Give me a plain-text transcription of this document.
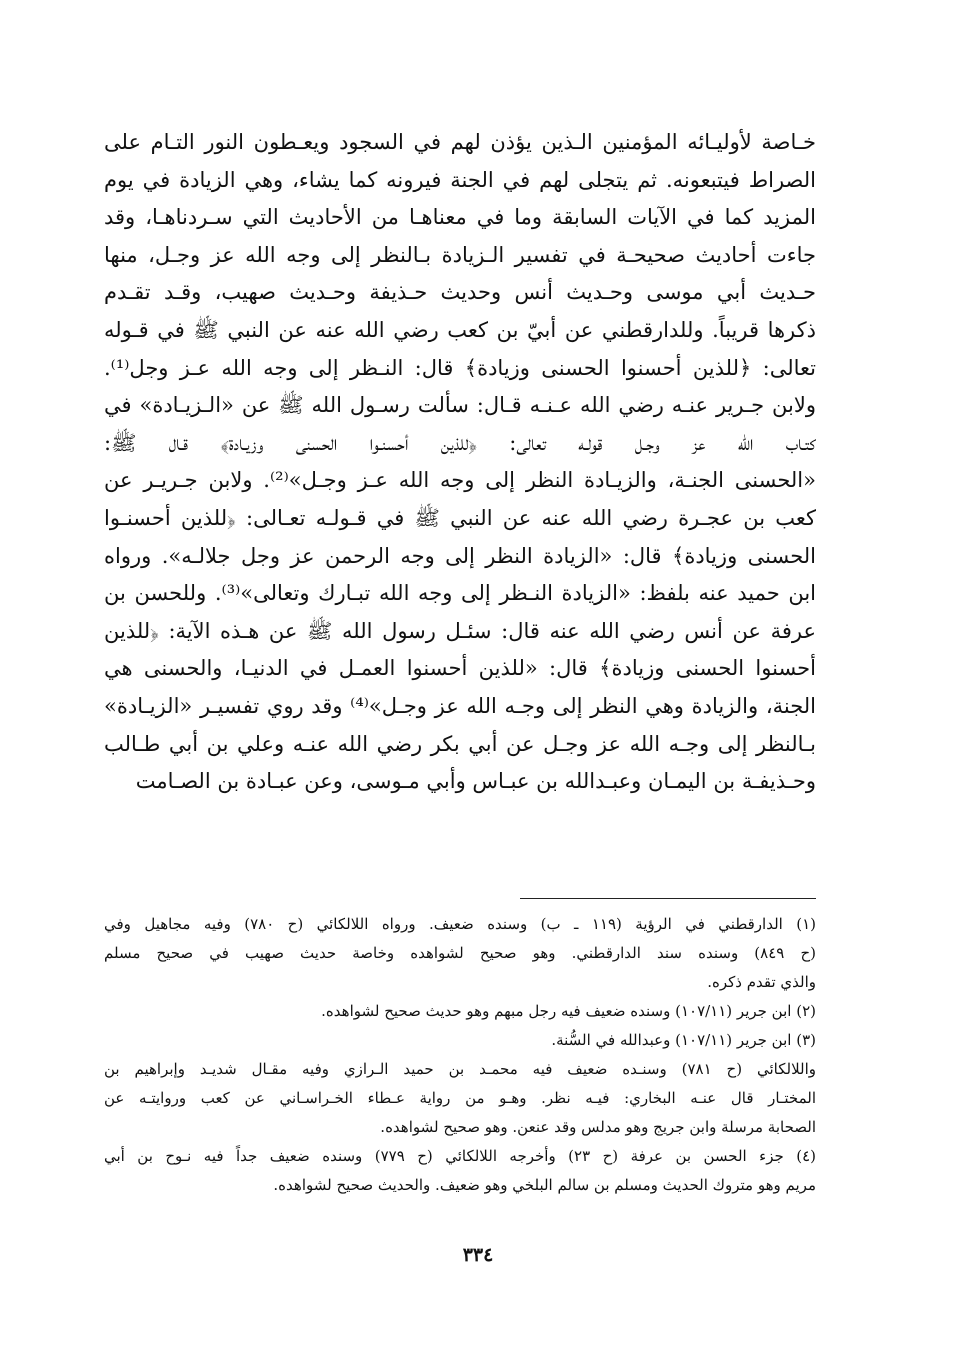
خـاصة لأوليـائه المؤمنين الـذين يؤذن لهم في السجود ويعـطون النور التـام على
الصراط فيتبعونه. ثم يتجلى لهم في الجنة فيرونه كما يشاء، وهي الزيادة في يوم
المزيد كما في الآيات السابقة وما في معناهـا من الأحاديث التي سـردناهـا، وقد
جاءت أحاديث صحيحـة في تفسير الـزيادة بـالنظر إلى وجه الله عز وجـل، منها
حـديث أبي موسى وحـديث أنس وحديث حـذيفة وحـديث صهيب، وقـد تقـدم
ذكرها قريباً. وللدارقطني عن أبيّ بن كعب رضي الله عنه عن النبي ﷺ في قـوله
تعالى: ﴿للذين أحسنوا الحسنى وزيادة﴾ قال: النـظر إلى وجه الله عـز وجل⁽¹⁾.
ولابن جـرير عنـه رضي الله عـنـه قـال: سألت رسـول الله ﷺ عن «الـزيـادة» في
كتـاب الله عز وجـل قولـه تعالى: ﴿للذين أحسنـوا الحسنى وزيـادة﴾ قـال ﷺ:
«الحسنى الجنـة، والزيـادة النظر إلى وجه الله عـز وجـل»⁽²⁾. ولابن جـريـر عن
كعب بن عجـرة رضي الله عنه عن النبي ﷺ في قـولـه تعـالى: ﴿للذين أحسنـوا
الحسنى وزيادة﴾ قال: «الزيادة النظر إلى وجه الرحمن عز وجل جلالـه». ورواه
ابن حميد عنه بلفظ: «الزيادة النـظر إلى وجه الله تبـارك وتعالى»⁽³⁾. وللحسن بن
عرفة عن أنس رضي الله عنه قال: سئـل رسول الله ﷺ عن هـذه الآية: ﴿للذين
أحسنوا الحسنى وزيادة﴾ قال: «للذين أحسنوا العمـل في الدنيـا، والحسنى هي
الجنة، والزيادة وهي النظر إلى وجـه الله عز وجـل»⁽⁴⁾ وقد روي تفسيـر «الزيـادة»
بـالنظر إلى وجـه الله عز وجـل عن أبي بكر رضي الله عنـه وعلي بن أبي طـالب
وحـذيفـة بن اليمـان وعبـدالله بن عبـاس وأبي مـوسى، وعن عبـادة بن الصـامت
(١) الدارقطني في الرؤية (١١٩ ـ ب) وسنده ضعيف. ورواه اللالكائي (ح ٧٨٠) وفيه مجاهيل وفي
(ح ٨٤٩) وسنده سند الدارقطني. وهو صحيح لشواهده وخاصة حديث صهيب في صحيح مسلم
والذي تقدم ذكره.
(٢) ابن جرير (١٠٧/١١) وسنده ضعيف فيه رجل مبهم وهو حديث صحيح لشواهده.
(٣) ابن جرير (١٠٧/١١) وعبدالله في السُّنة.
واللالكائي (ح ٧٨١) وسنـده ضعيف فيه محمـد بن حميد الـرازي وفيه مقـال شديـد وإبراهيم بن
المختـار قال عنـه البخاري: فيـه نظر. وهـو من رواية عـطاء الخـراسـاني عن كعب وروايتـه عن
الصحابة مرسلة وابن جريج وهو مدلس وقد عنعن. وهو صحيح لشواهده.
(٤) جزء الحسن بن عرفة (ح ٢٣) وأخرجه اللالكائي (ح ٧٧٩) وسنده ضعيف جداً فيه نـوح بن أبي
مريم وهو متروك الحديث ومسلم بن سالم البلخي وهو ضعيف. والحديث صحيح لشواهده.
٣٣٤
